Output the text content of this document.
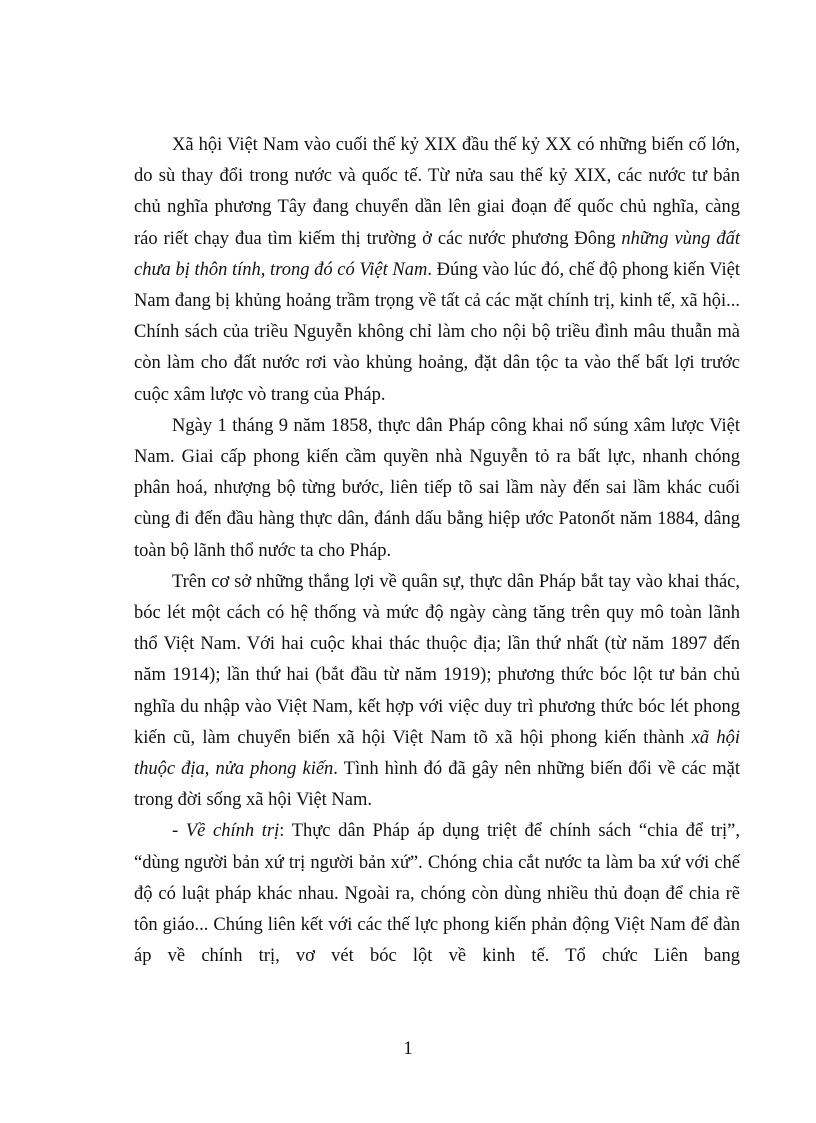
Xã hội Việt Nam vào cuối thế kỷ XIX đầu thế kỷ XX có những biến cố lớn, do sù thay đổi trong nước và quốc tế. Từ nửa sau thế kỷ XIX, các nước tư bản chủ nghĩa phương Tây đang chuyển dần lên giai đoạn đế quốc chủ nghĩa, càng ráo riết chạy đua tìm kiếm thị trường ở các nước phương Đông những vùng đất chưa bị thôn tính, trong đó có Việt Nam. Đúng vào lúc đó, chế độ phong kiến Việt Nam đang bị khủng hoảng trầm trọng về tất cả các mặt chính trị, kinh tế, xã hội... Chính sách của triều Nguyễn không chỉ làm cho nội bộ triều đình mâu thuẫn mà còn làm cho đất nước rơi vào khủng hoảng, đặt dân tộc ta vào thế bất lợi trước cuộc xâm lược vò trang của Pháp.

Ngày 1 tháng 9 năm 1858, thực dân Pháp công khai nổ súng xâm lược Việt Nam. Giai cấp phong kiến cầm quyền nhà Nguyễn tỏ ra bất lực, nhanh chóng phân hoá, nhượng bộ từng bước, liên tiếp tõ sai lầm này đến sai lầm khác cuối cùng đi đến đầu hàng thực dân, đánh dấu bằng hiệp ước Patonốt năm 1884, dâng toàn bộ lãnh thổ nước ta cho Pháp.

Trên cơ sở những thắng lợi về quân sự, thực dân Pháp bắt tay vào khai thác, bóc lét một cách có hệ thống và mức độ ngày càng tăng trên quy mô toàn lãnh thổ Việt Nam. Với hai cuộc khai thác thuộc địa; lần thứ nhất (từ năm 1897 đến năm 1914); lần thứ hai (bắt đầu từ năm 1919); phương thức bóc lột tư bản chủ nghĩa du nhập vào Việt Nam, kết hợp với việc duy trì phương thức bóc lét phong kiến cũ, làm chuyển biến xã hội Việt Nam tõ xã hội phong kiến thành xã hội thuộc địa, nửa phong kiến. Tình hình đó đã gây nên những biến đổi về các mặt trong đời sống xã hội Việt Nam.

- Về chính trị: Thực dân Pháp áp dụng triệt để chính sách “chia để trị”, “dùng người bản xứ trị người bản xứ”. Chóng chia cắt nước ta làm ba xứ với chế độ có luật pháp khác nhau. Ngoài ra, chóng còn dùng nhiều thủ đoạn để chia rẽ tôn giáo... Chúng liên kết với các thế lực phong kiến phản động Việt Nam để đàn áp về chính trị, vơ vét bóc lột về kinh tế. Tổ chức Liên bang

1
